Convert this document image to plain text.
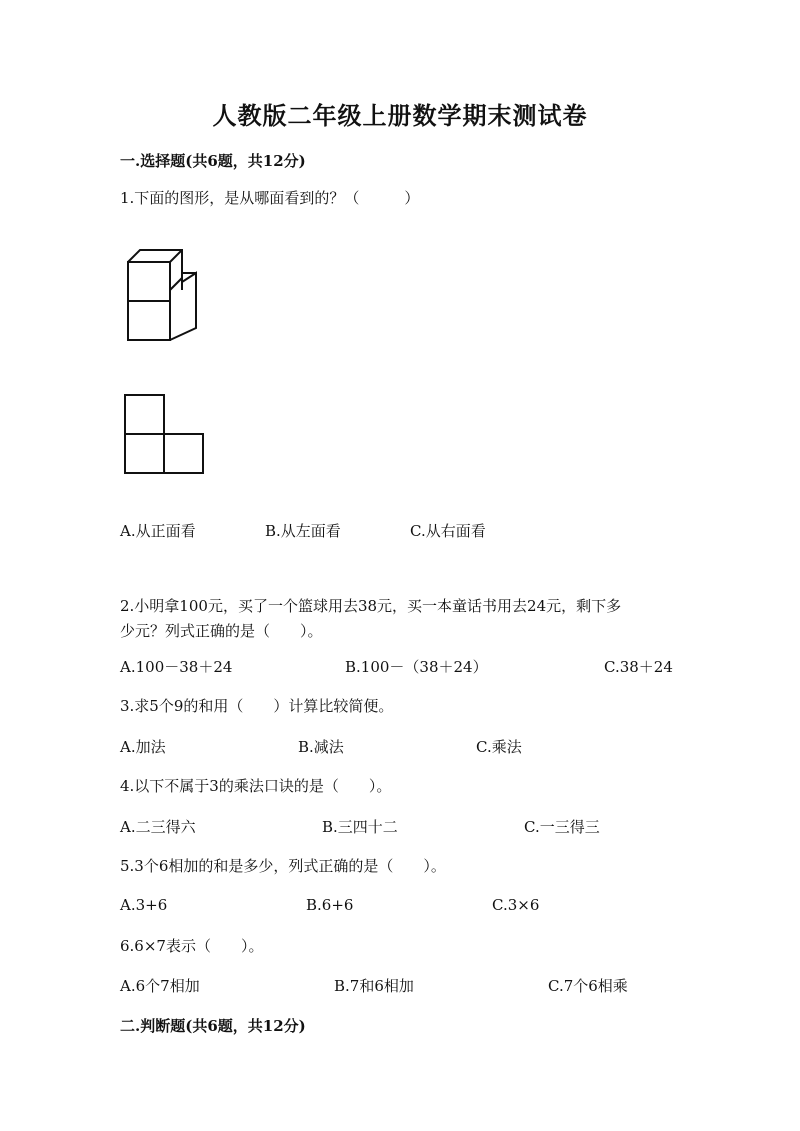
人教版二年级上册数学期末测试卷
一.选择题(共6题，共12分)
1.下面的图形，是从哪面看到的？（　　　）
A.从正面看	B.从左面看	C.从右面看
2.小明拿100元，买了一个篮球用去38元，买一本童话书用去24元，剩下多
少元？列式正确的是（　　）。
A.100－38＋24	B.100－（38＋24）	C.38＋24
3.求5个9的和用（　　）计算比较简便。
A.加法	B.减法	C.乘法
4.以下不属于3的乘法口诀的是（　　）。
A.二三得六	B.三四十二	C.一三得三
5.3个6相加的和是多少，列式正确的是（　　）。
A.3+6	B.6+6	C.3×6
6.6×7表示（　　）。
A.6个7相加	B.7和6相加	C.7个6相乘
二.判断题(共6题，共12分)
